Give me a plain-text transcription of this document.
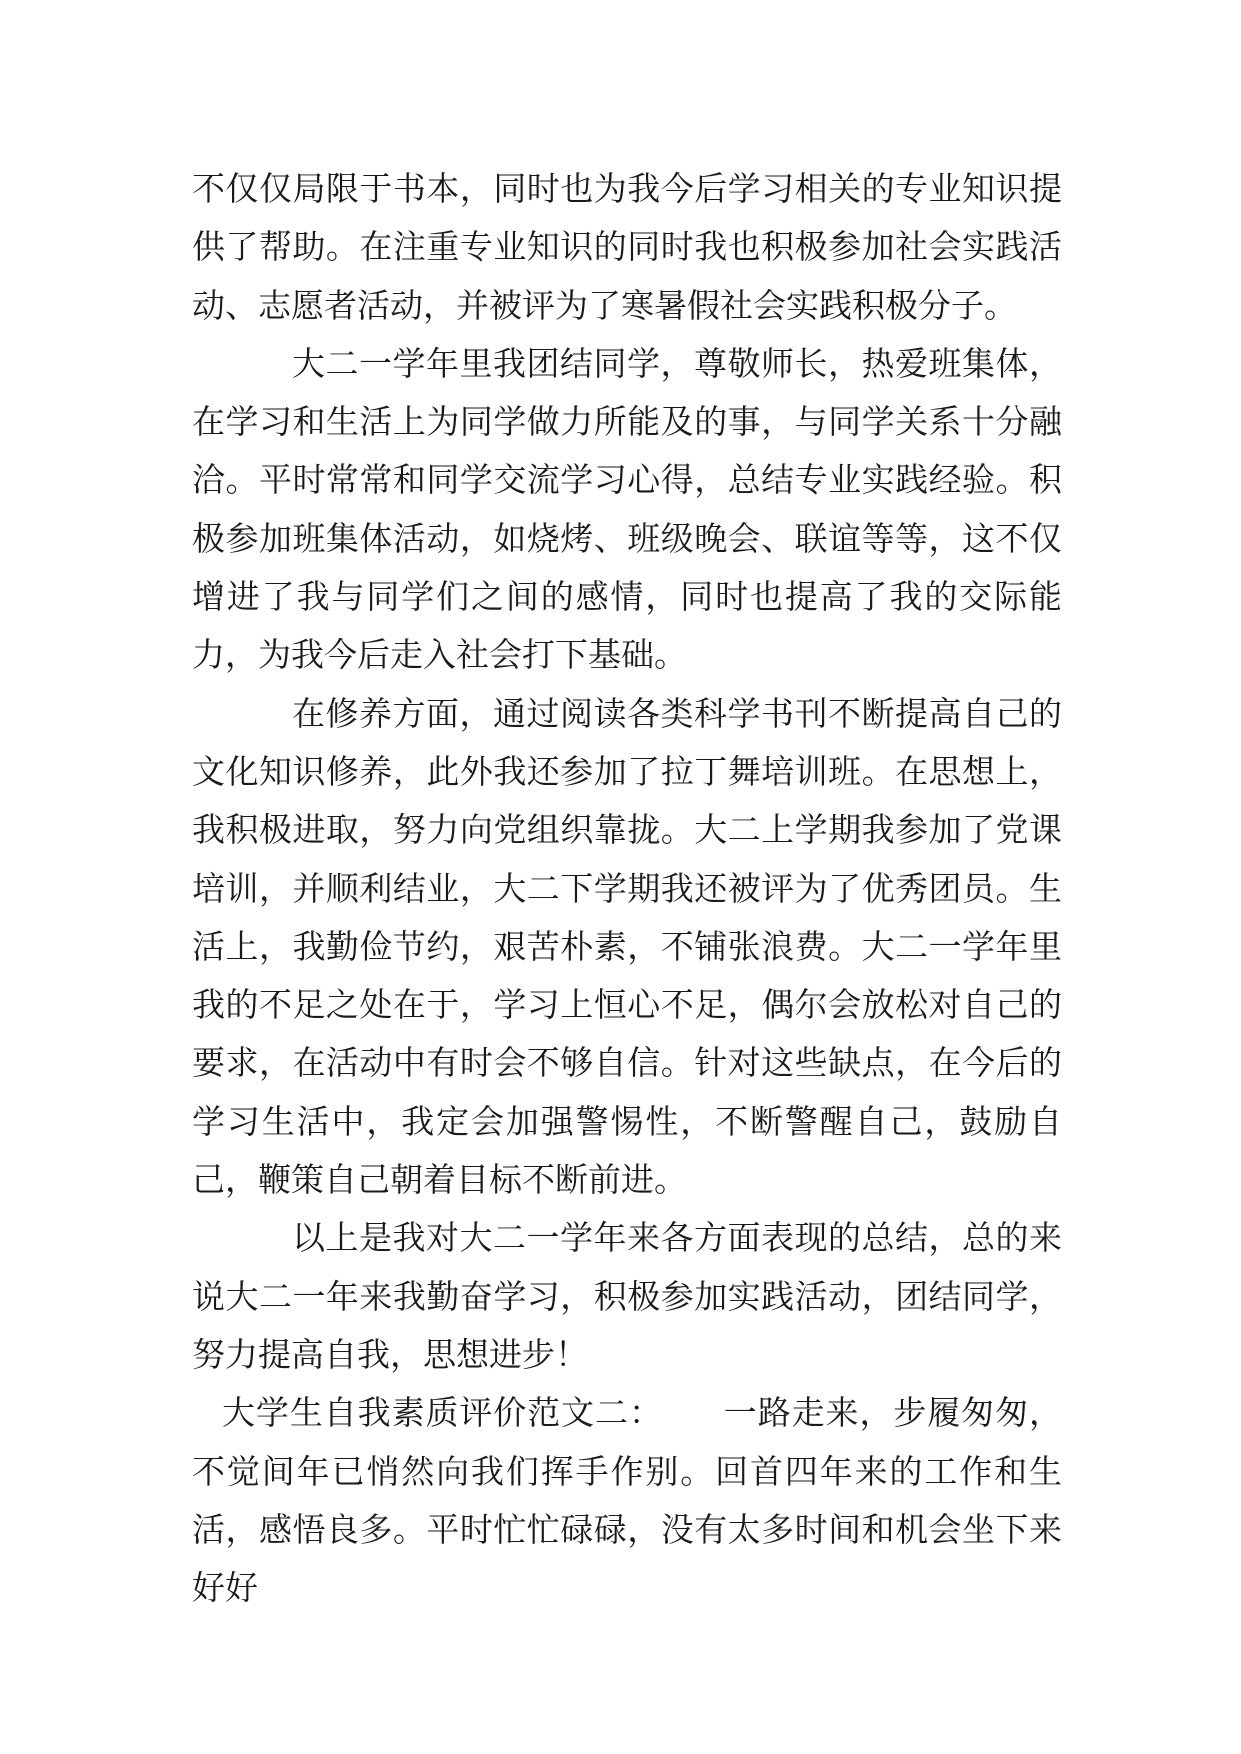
不仅仅局限于书本，同时也为我今后学习相关的专业知识提供了帮助。在注重专业知识的同时我也积极参加社会实践活动、志愿者活动，并被评为了寒暑假社会实践积极分子。

大二一学年里我团结同学，尊敬师长，热爱班集体，在学习和生活上为同学做力所能及的事，与同学关系十分融洽。平时常常和同学交流学习心得，总结专业实践经验。积极参加班集体活动，如烧烤、班级晚会、联谊等等，这不仅增进了我与同学们之间的感情，同时也提高了我的交际能力，为我今后走入社会打下基础。

在修养方面，通过阅读各类科学书刊不断提高自己的文化知识修养，此外我还参加了拉丁舞培训班。在思想上，我积极进取，努力向党组织靠拢。大二上学期我参加了党课培训，并顺利结业，大二下学期我还被评为了优秀团员。生活上，我勤俭节约，艰苦朴素，不铺张浪费。大二一学年里我的不足之处在于，学习上恒心不足，偶尔会放松对自己的要求，在活动中有时会不够自信。针对这些缺点，在今后的学习生活中，我定会加强警惕性，不断警醒自己，鼓励自己，鞭策自己朝着目标不断前进。

以上是我对大二一学年来各方面表现的总结，总的来说大二一年来我勤奋学习，积极参加实践活动，团结同学，努力提高自我，思想进步！

大学生自我素质评价范文二： 一路走来，步履匆匆，不觉间年已悄然向我们挥手作别。回首四年来的工作和生活，感悟良多。平时忙忙碌碌，没有太多时间和机会坐下来好好
